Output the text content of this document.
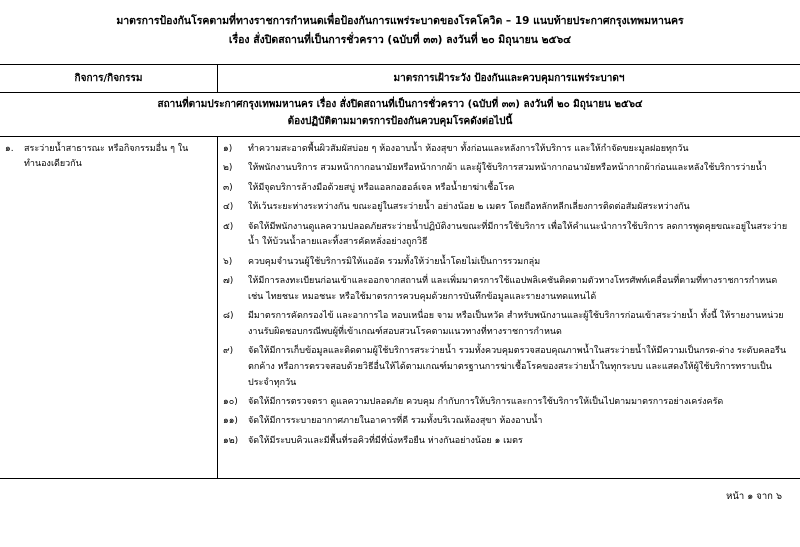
มาตรการป้องกันโรคตามที่ทางราชการกำหนดเพื่อป้องกันการแพร่ระบาดของโรคโควิด – 19 แนบท้ายประกาศกรุงเทพมหานคร
เรื่อง สั่งปิดสถานที่เป็นการชั่วคราว (ฉบับที่ ๓๓) ลงวันที่ ๒๐ มิถุนายน ๒๕๖๔
กิจการ/กิจกรรม	มาตรการเฝ้าระวัง ป้องกันและควบคุมการแพร่ระบาดฯ
สถานที่ตามประกาศกรุงเทพมหานคร เรื่อง สั่งปิดสถานที่เป็นการชั่วคราว (ฉบับที่ ๓๓) ลงวันที่ ๒๐ มิถุนายน ๒๕๖๔
ต้องปฏิบัติตามมาตรการป้องกันควบคุมโรคดังต่อไปนี้
๑. สระว่ายน้ำสาธารณะ หรือกิจกรรมอื่น ๆ ในทำนองเดียวกัน
๑) ทำความสะอาดพื้นผิวสัมผัสบ่อย ๆ ห้องอาบน้ำ ห้องสุขา ทั้งก่อนและหลังการให้บริการ และให้กำจัดขยะมูลฝอยทุกวัน
๒) ให้พนักงานบริการ สวมหน้ากากอนามัยหรือหน้ากากผ้า และผู้ใช้บริการสวมหน้ากากอนามัยหรือหน้ากากผ้าก่อนและหลังใช้บริการว่ายน้ำ
๓) ให้มีจุดบริการล้างมือด้วยสบู่ หรือแอลกอฮอล์เจล หรือน้ำยาฆ่าเชื้อโรค
๔) ให้เว้นระยะห่างระหว่างกัน ขณะอยู่ในสระว่ายน้ำ อย่างน้อย ๒ เมตร โดยถือหลักหลีกเลี่ยงการติดต่อสัมผัสระหว่างกัน
๕) จัดให้มีพนักงานดูแลความปลอดภัยสระว่ายน้ำปฏิบัติงานขณะที่มีการใช้บริการ เพื่อให้คำแนะนำการใช้บริการ ลดการพูดคุยขณะอยู่ในสระว่ายน้ำ ให้บ้วนน้ำลายและทิ้งสารคัดหลั่งอย่างถูกวิธี
๖) ควบคุมจำนวนผู้ใช้บริการมิให้แออัด รวมทั้งให้ว่ายน้ำโดยไม่เป็นการรวมกลุ่ม
๗) ให้มีการลงทะเบียนก่อนเข้าและออกจากสถานที่ และเพิ่มมาตรการใช้แอปพลิเคชันติดตามตัวทางโทรศัพท์เคลื่อนที่ตามที่ทางราชการกำหนด เช่น ไทยชนะ หมอชนะ หรือใช้มาตรการควบคุมด้วยการบันทึกข้อมูลและรายงานทดแทนได้
๘) มีมาตรการคัดกรองไข้ และอาการไอ หอบเหนื่อย จาม หรือเป็นหวัด สำหรับพนักงานและผู้ใช้บริการก่อนเข้าสระว่ายน้ำ ทั้งนี้ ให้รายงานหน่วยงานรับผิดชอบกรณีพบผู้ที่เข้าเกณฑ์สอบสวนโรคตามแนวทางที่ทางราชการกำหนด
๙) จัดให้มีการเก็บข้อมูลและติดตามผู้ใช้บริการสระว่ายน้ำ รวมทั้งควบคุมตรวจสอบคุณภาพน้ำในสระว่ายน้ำให้มีความเป็นกรด-ด่าง ระดับคลอรีนตกค้าง หรือการตรวจสอบด้วยวิธีอื่นให้ได้ตามเกณฑ์มาตรฐานการฆ่าเชื้อโรคของสระว่ายน้ำในทุกระบบ และแสดงให้ผู้ใช้บริการทราบเป็นประจำทุกวัน
๑๐) จัดให้มีการตรวจตรา ดูแลความปลอดภัย ควบคุม กำกับการให้บริการและการใช้บริการให้เป็นไปตามมาตรการอย่างเคร่งครัด
๑๑) จัดให้มีการระบายอากาศภายในอาคารที่ดี รวมทั้งบริเวณห้องสุขา ห้องอาบน้ำ
๑๒) จัดให้มีระบบคิวและมีพื้นที่รอคิวที่มีที่นั่งหรือยืน ห่างกันอย่างน้อย ๑ เมตร
หน้า ๑ จาก ๖
